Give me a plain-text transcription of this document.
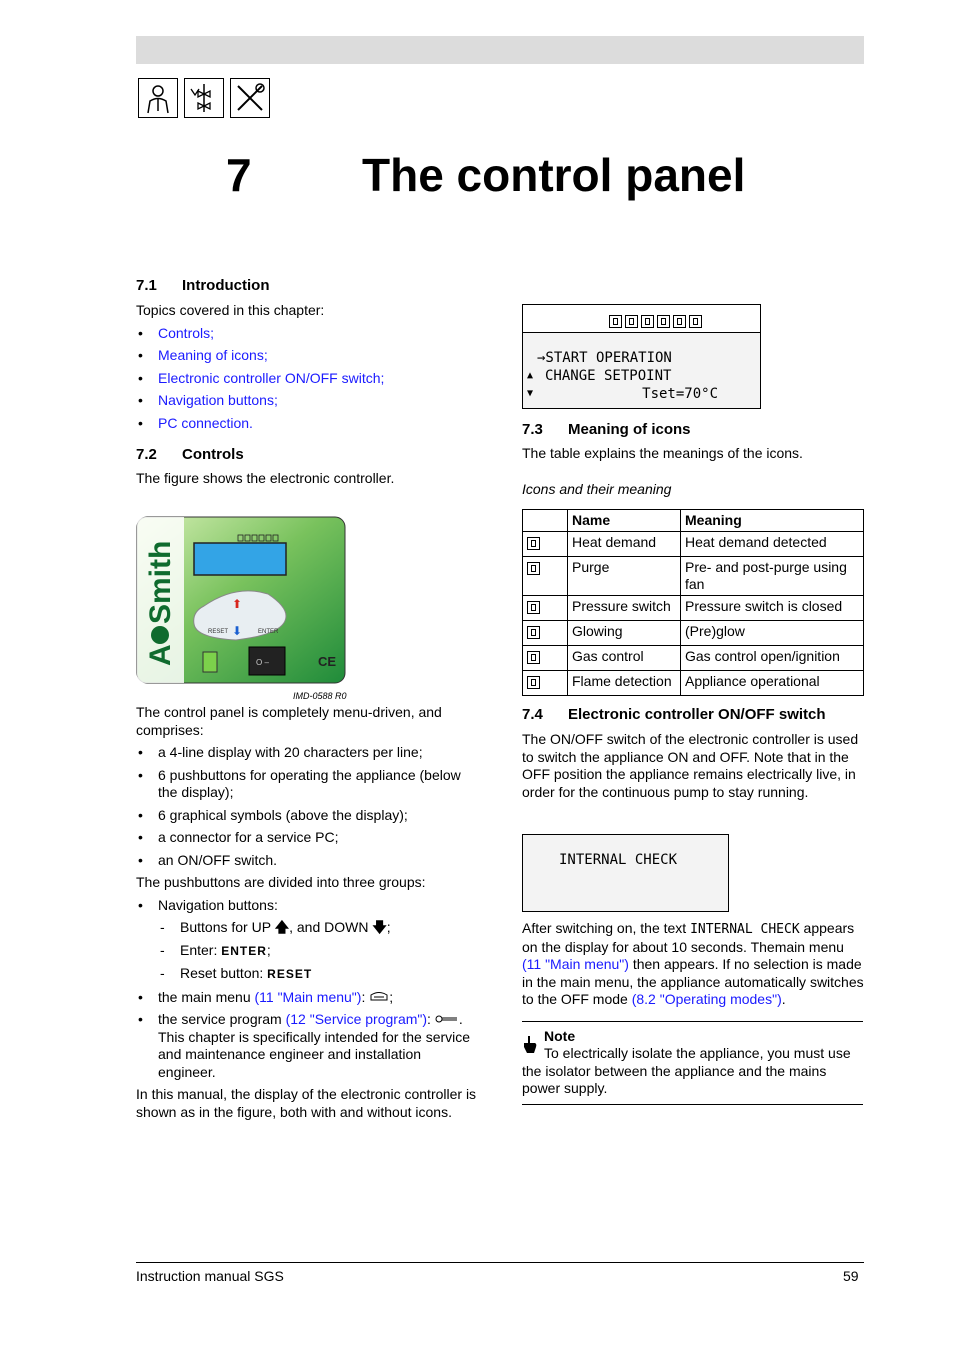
7 The control panel
7.1 Introduction

Topics covered in this chapter:

• Controls;
• Meaning of icons;
• Electronic controller ON/OFF switch;
• Navigation buttons;
• PC connection.
7.2 Controls

The figure shows the electronic controller.

A
Smith	⬆
⬇
RESET	ENTER
O –	CE

IMD-0588 R0

The control panel is completely menu-driven, and comprises:

• a 4-line display with 20 characters per line;
• 6 pushbuttons for operating the appliance (below the display);
• 6 graphical symbols (above the display);
• a connector for a service PC;
• an ON/OFF switch.

The pushbuttons are divided into three groups:

• Navigation buttons:
- Buttons for UP 🡅, and DOWN 🡇;
- Enter: ENTER;
- Reset button: RESET
• the main menu (11 "Main menu"): ;
• the service program (12 "Service program"): . This chapter is specifically intended for the service and maintenance engineer and installation engineer.

In this manual, the display of the electronic controller is shown as in the figure, both with and without icons.

→START OPERATION
▲ CHANGE SETPOINT
▼	Tset=70°C
7.3 Meaning of icons

The table explains the meanings of the icons.

Icons and their meaning

	Name	Meaning
	Heat demand	Heat demand detected
	Purge	Pre- and post-purge using fan
	Pressure switch	Pressure switch is closed
	Glowing	(Pre)glow
	Gas control	Gas control open/ignition
	Flame detection	Appliance operational
7.4 Electronic controller ON/OFF switch

The ON/OFF switch of the electronic controller is used to switch the appliance ON and OFF. Note that in the OFF position the appliance remains electrically live, in order for the continuous pump to stay running.

INTERNAL CHECK

After switching on, the text INTERNAL CHECK appears on the display for about 10 seconds. Themain menu (11 "Main menu") then appears. If no selection is made in the main menu, the appliance automatically switches to the OFF mode (8.2 "Operating modes").

Note

To electrically isolate the appliance, you must use the isolator between the appliance and the mains power supply.

Instruction manual SGS	59
